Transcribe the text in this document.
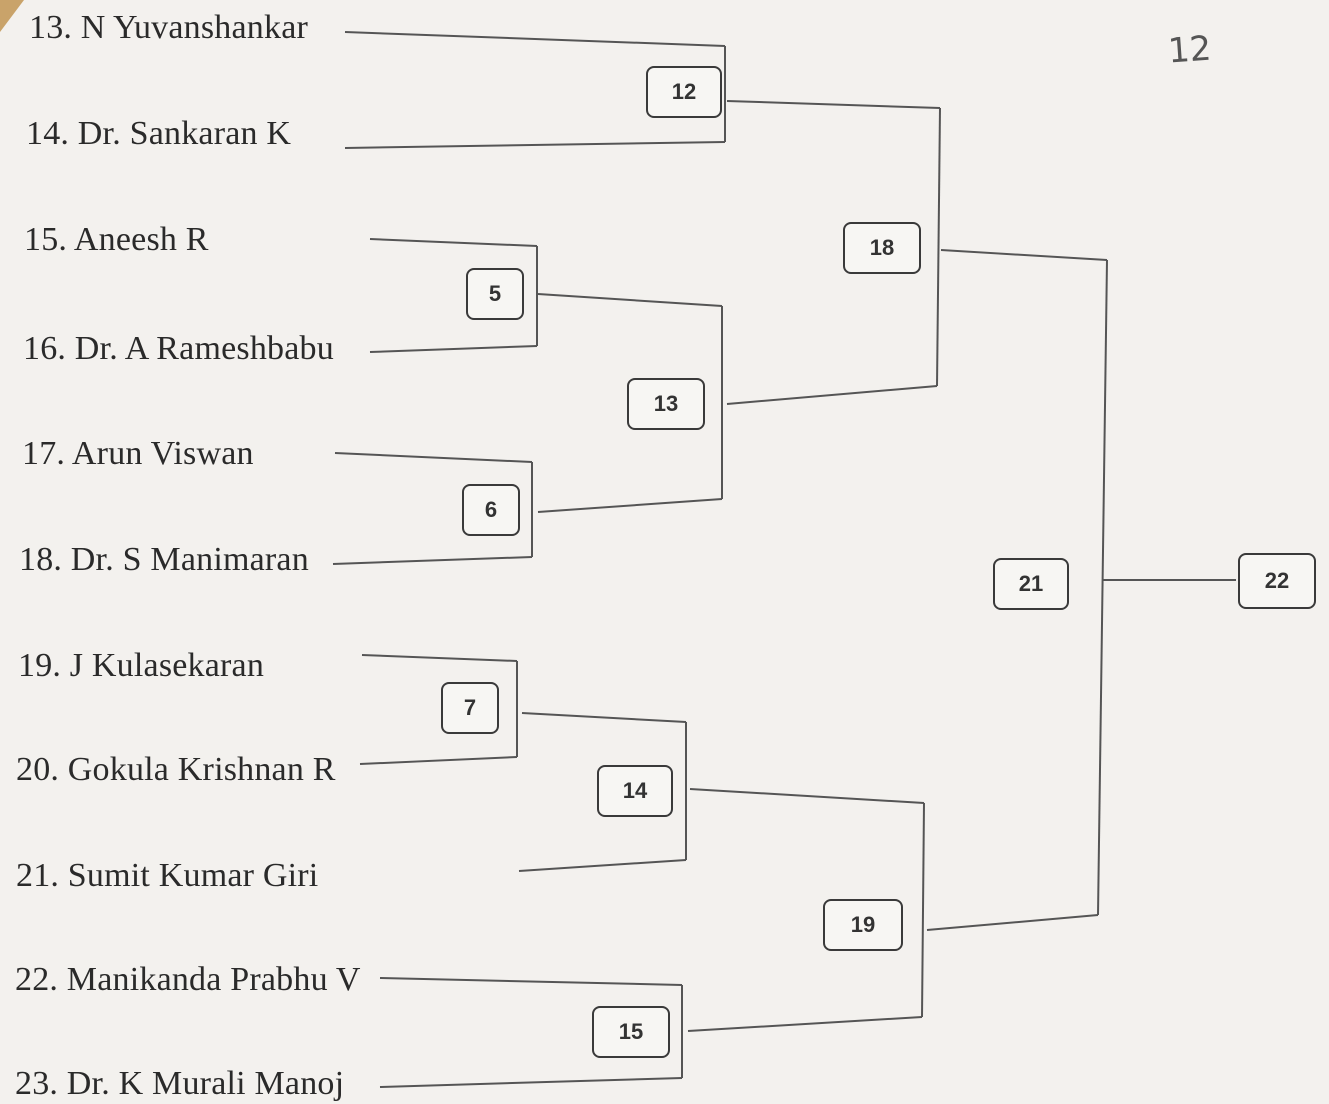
13. N Yuvanshankar
14. Dr. Sankaran K
15. Aneesh R
16. Dr. A Rameshbabu
17. Arun Viswan
18. Dr. S Manimaran
19. J Kulasekaran
20. Gokula Krishnan R
21. Sumit Kumar Giri
22. Manikanda Prabhu V
23. Dr. K Murali Manoj
12
5
6
7
15
13
14
18
19
21	22
12
